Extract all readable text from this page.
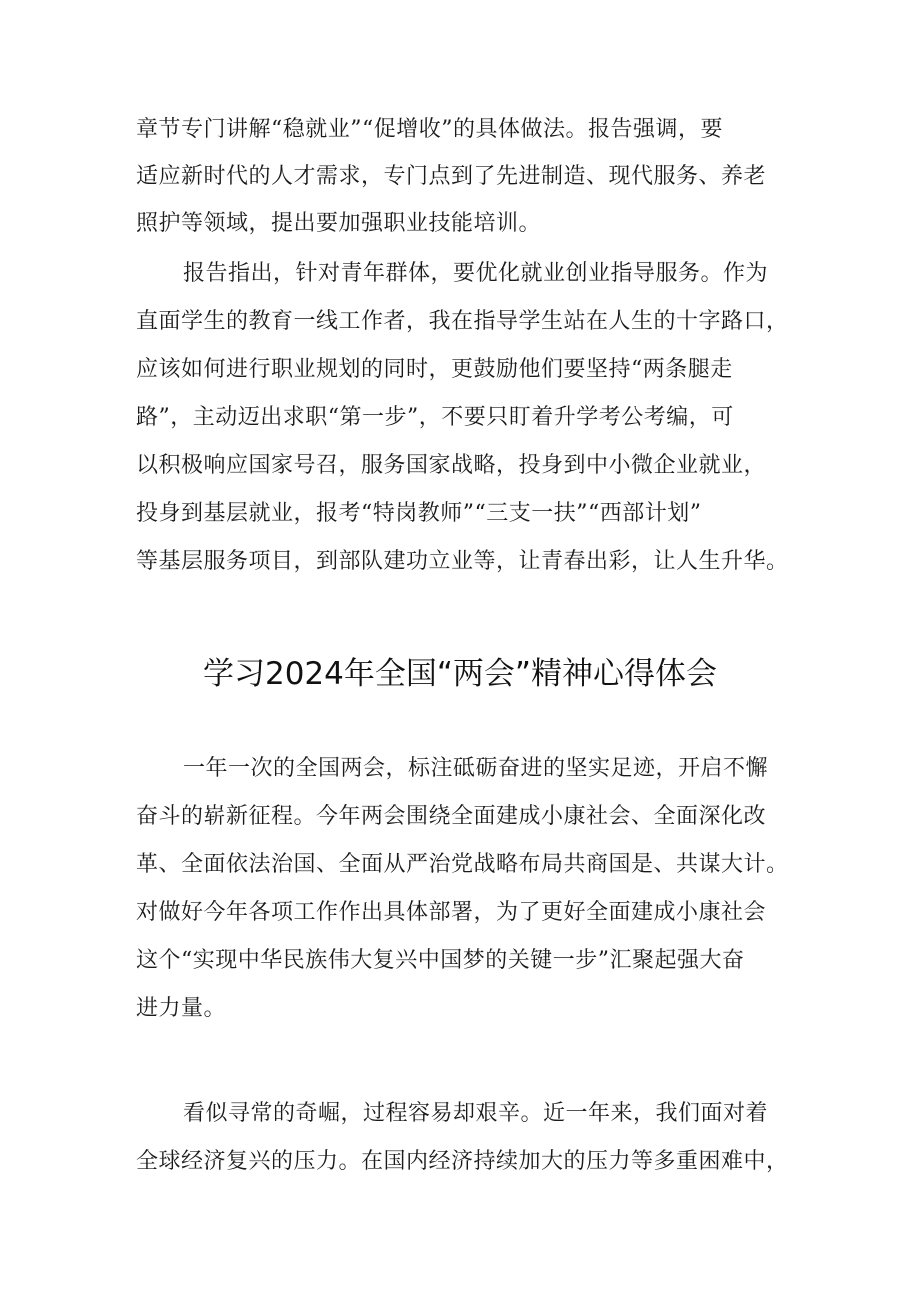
章节专门讲解“稳就业”“促增收”的具体做法。报告强调，要

适应新时代的人才需求，专门点到了先进制造、现代服务、养老

照护等领域，提出要加强职业技能培训。

报告指出，针对青年群体，要优化就业创业指导服务。作为

直面学生的教育一线工作者，我在指导学生站在人生的十字路口，

应该如何进行职业规划的同时，更鼓励他们要坚持“两条腿走

路”，主动迈出求职“第一步”，不要只盯着升学考公考编，可

以积极响应国家号召，服务国家战略，投身到中小微企业就业，

投身到基层就业，报考“特岗教师”“三支一扶”“西部计划”

等基层服务项目，到部队建功立业等，让青春出彩，让人生升华。

学习2024年全国“两会”精神心得体会

一年一次的全国两会，标注砥砺奋进的坚实足迹，开启不懈

奋斗的崭新征程。今年两会围绕全面建成小康社会、全面深化改

革、全面依法治国、全面从严治党战略布局共商国是、共谋大计。

对做好今年各项工作作出具体部署，为了更好全面建成小康社会

这个“实现中华民族伟大复兴中国梦的关键一步”汇聚起强大奋

进力量。

看似寻常的奇崛，过程容易却艰辛。近一年来，我们面对着

全球经济复兴的压力。在国内经济持续加大的压力等多重困难中，
